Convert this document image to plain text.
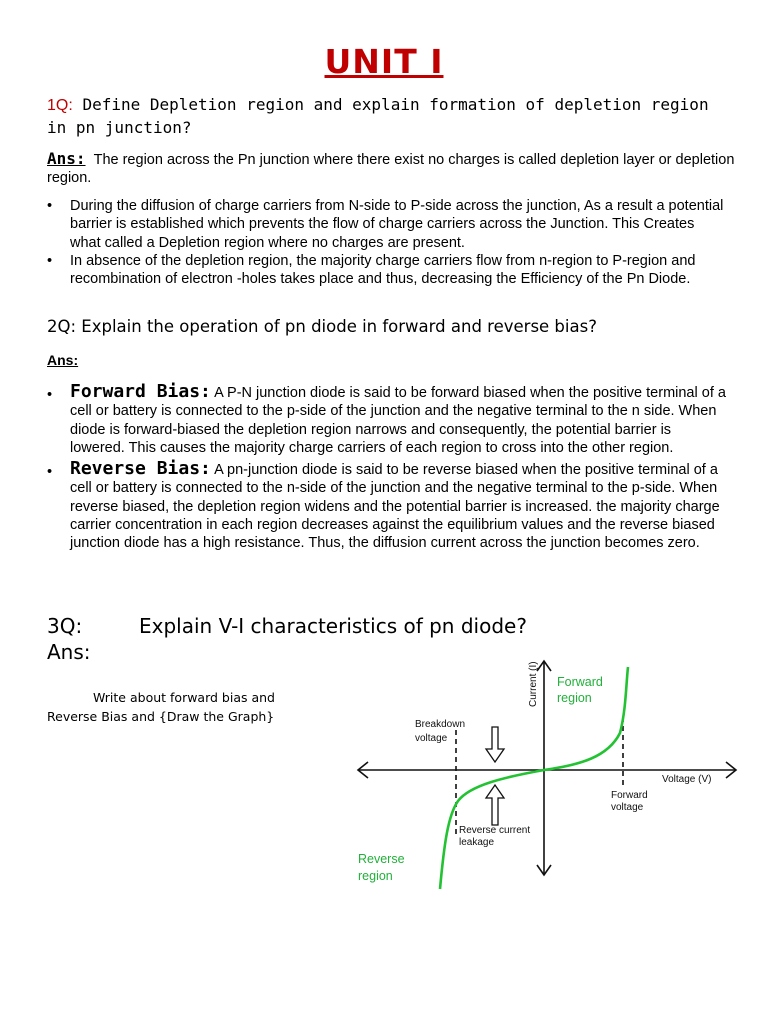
UNIT I
1Q: Define Depletion region and explain formation of depletion region in pn junction?
Ans: The region across the Pn junction where there exist no charges is called depletion layer or depletion region.
• During the diffusion of charge carriers from N-side to P-side across the junction, As a result a potential barrier is established which prevents the flow of charge carriers across the Junction. This Creates what called a Depletion region where no charges are present.
• In absence of the depletion region, the majority charge carriers flow from n-region to P-region and recombination of electron -holes takes place and thus, decreasing the Efficiency of the Pn Diode.
2Q: Explain the operation of pn diode in forward and reverse bias?
Ans:
• Forward Bias: A P-N junction diode is said to be forward biased when the positive terminal of a cell or battery is connected to the p-side of the junction and the negative terminal to the n side. When diode is forward-biased the depletion region narrows and consequently, the potential barrier is lowered. This causes the majority charge carriers of each region to cross into the other region.
• Reverse Bias: A pn-junction diode is said to be reverse biased when the positive terminal of a cell or battery is connected to the n-side of the junction and the negative terminal to the p-side. When reverse biased, the depletion region widens and the potential barrier is increased. the majority charge carrier concentration in each region decreases against the equilibrium values and the reverse biased junction diode has a high resistance. Thus, the diffusion current across the junction becomes zero.
3Q:	Explain V-I characteristics of pn diode?
Ans:
Write about forward bias and
Reverse Bias and {Draw the Graph}
Current (I)
Voltage (V)
Forward
region
Reverse
region
Breakdown
voltage
Forward
voltage
Reverse current
leakage
